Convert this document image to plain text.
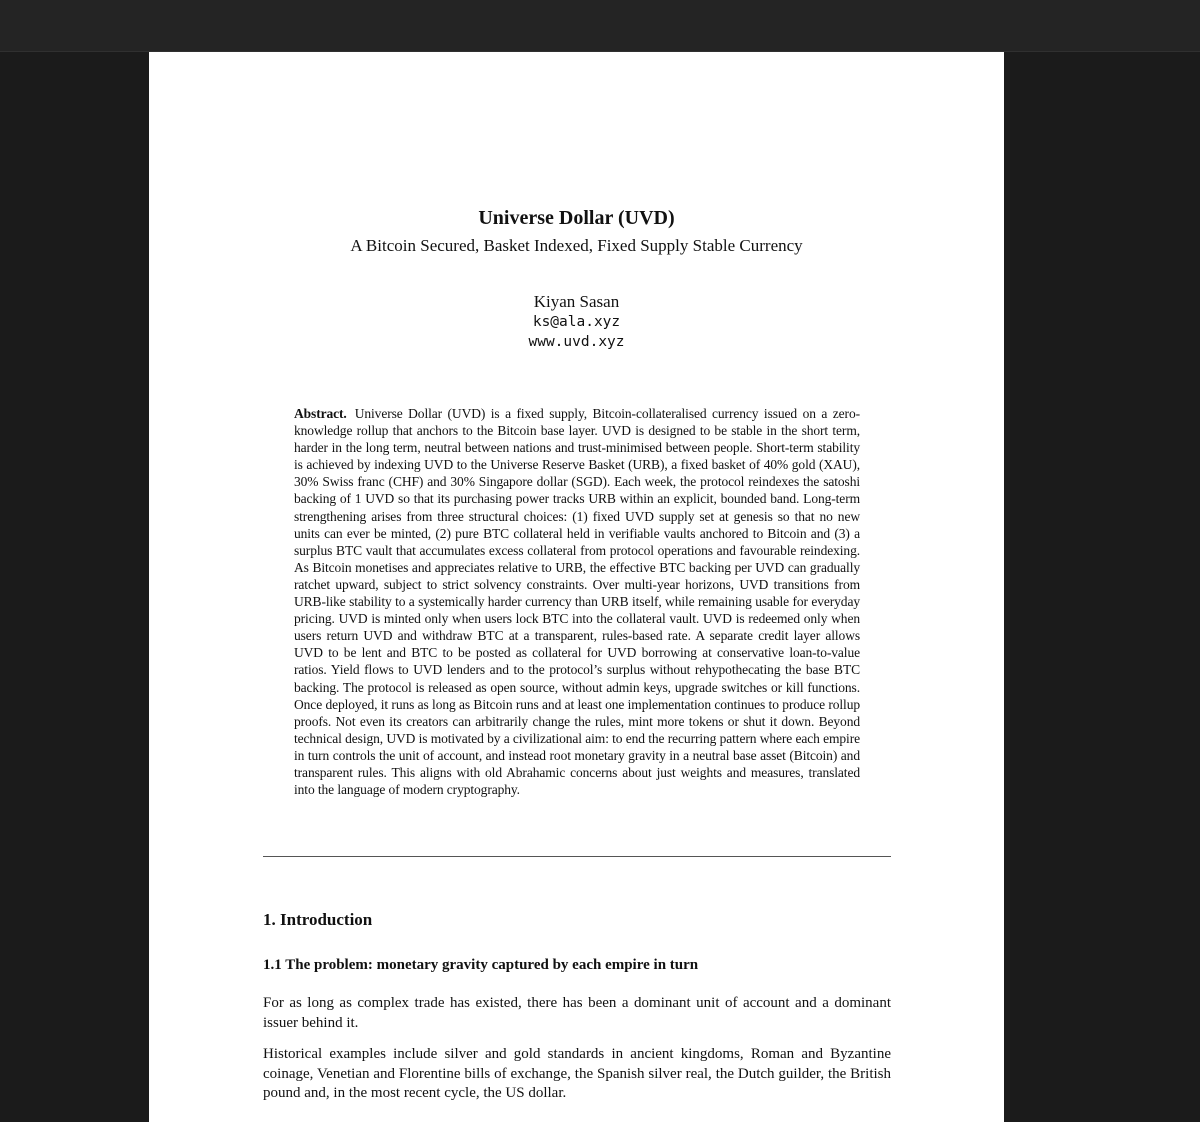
Universe Dollar (UVD)
A Bitcoin Secured, Basket Indexed, Fixed Supply Stable Currency
Kiyan Sasan
ks@ala.xyz
www.uvd.xyz

Abstract. Universe Dollar (UVD) is a fixed supply, Bitcoin-collateralised currency issued on a zero-knowledge rollup that anchors to the Bitcoin base layer. UVD is designed to be stable in the short term, harder in the long term, neutral between nations and trust-minimised between people. Short-term stability is achieved by indexing UVD to the Universe Reserve Basket (URB), a fixed basket of 40% gold (XAU), 30% Swiss franc (CHF) and 30% Singapore dollar (SGD). Each week, the protocol reindexes the satoshi backing of 1 UVD so that its purchasing power tracks URB within an explicit, bounded band. Long-term strengthening arises from three structural choices: (1) fixed UVD supply set at genesis so that no new units can ever be minted, (2) pure BTC collateral held in verifiable vaults anchored to Bitcoin and (3) a surplus BTC vault that accumulates excess collateral from protocol operations and favourable reindexing. As Bitcoin monetises and appreciates relative to URB, the effective BTC backing per UVD can gradually ratchet upward, subject to strict solvency constraints. Over multi-year horizons, UVD transitions from URB-like stability to a systemically harder currency than URB itself, while remaining usable for everyday pricing. UVD is minted only when users lock BTC into the collateral vault. UVD is redeemed only when users return UVD and withdraw BTC at a transparent, rules-based rate. A separate credit layer allows UVD to be lent and BTC to be posted as collateral for UVD borrowing at conservative loan-to-value ratios. Yield flows to UVD lenders and to the protocol’s surplus without rehypothecating the base BTC backing. The protocol is released as open source, without admin keys, upgrade switches or kill functions. Once deployed, it runs as long as Bitcoin runs and at least one implementation continues to produce rollup proofs. Not even its creators can arbitrarily change the rules, mint more tokens or shut it down. Beyond technical design, UVD is motivated by a civilizational aim: to end the recurring pattern where each empire in turn controls the unit of account, and instead root monetary gravity in a neutral base asset (Bitcoin) and transparent rules. This aligns with old Abrahamic concerns about just weights and measures, translated into the language of modern cryptography.

1. Introduction
1.1 The problem: monetary gravity captured by each empire in turn

For as long as complex trade has existed, there has been a dominant unit of account and a dominant issuer behind it.

Historical examples include silver and gold standards in ancient kingdoms, Roman and Byzantine coinage, Venetian and Florentine bills of exchange, the Spanish silver real, the Dutch guilder, the British pound and, in the most recent cycle, the US dollar.
